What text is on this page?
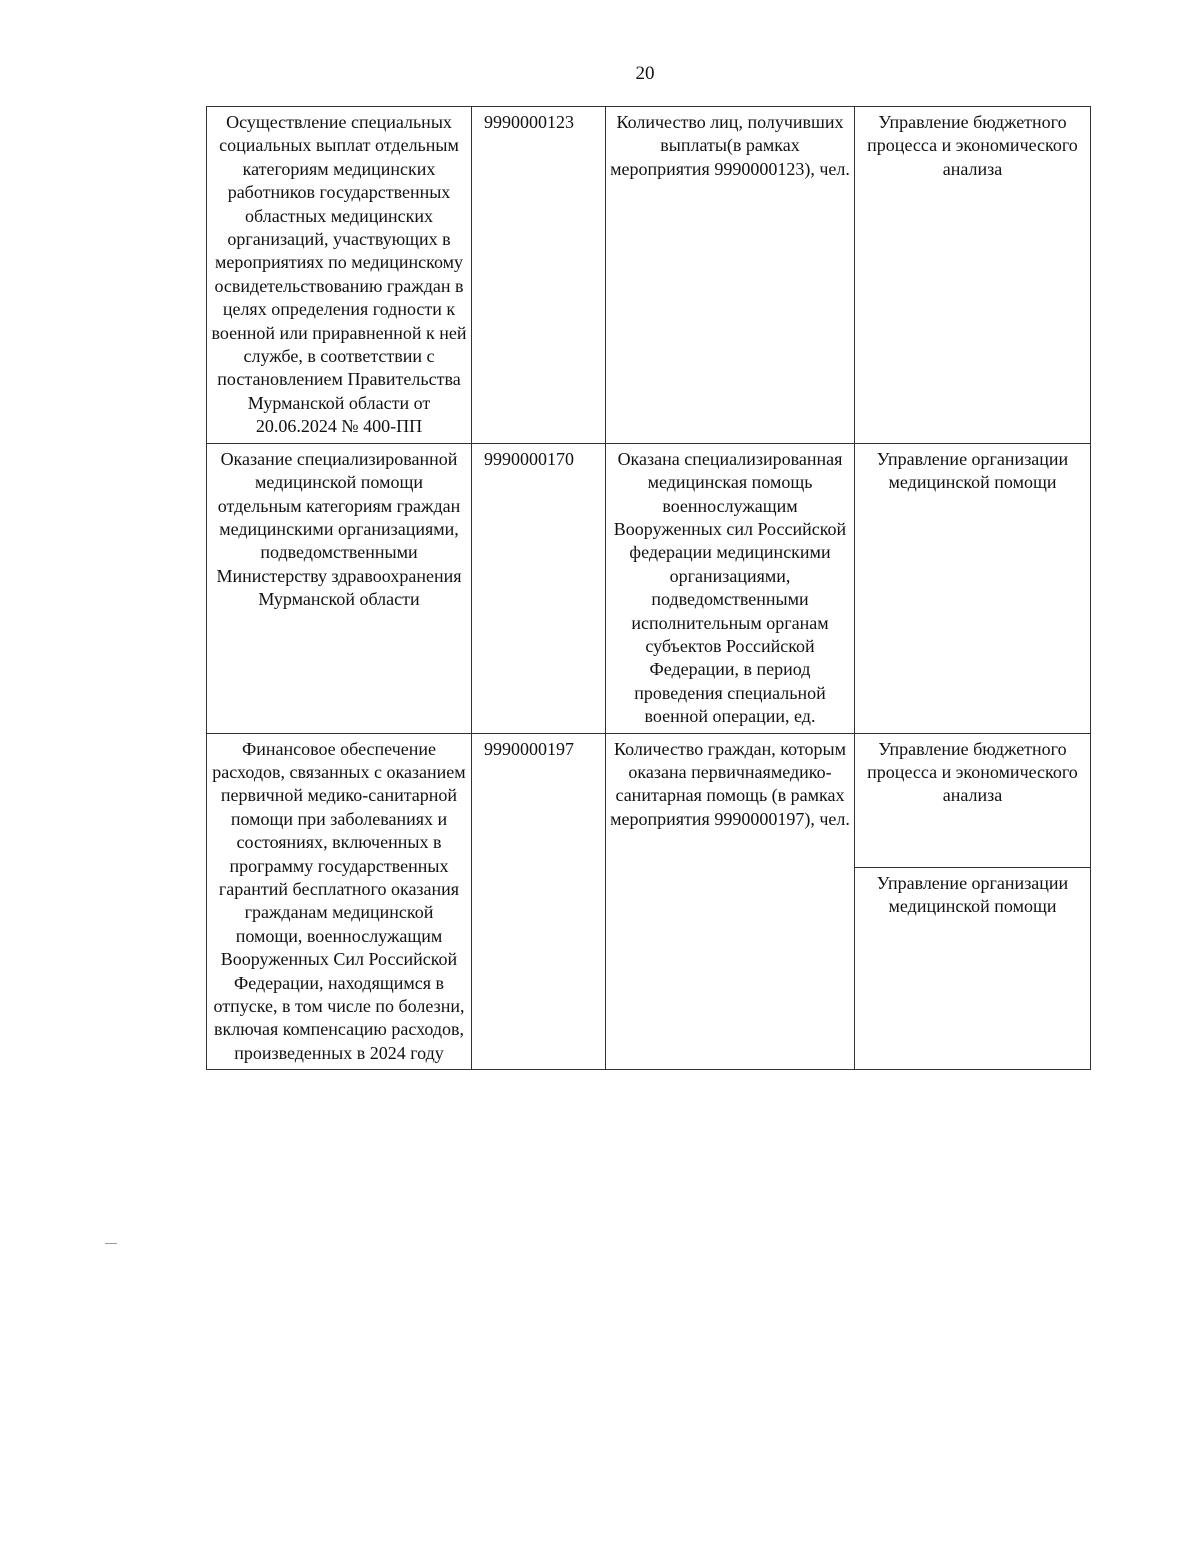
20
Осуществление специальных социальных выплат отдельным категориям медицинских работников государственных областных медицинских организаций, участвующих в мероприятиях по медицинскому освидетельствованию граждан в целях определения годности к военной или приравненной к ней службе, в соответствии с постановлением Правительства Мурманской области от 20.06.2024 № 400-ПП	9990000123	Количество лиц, получивших выплаты(в рамках мероприятия 9990000123), чел.	Управление бюджетного процесса и экономического анализа
Оказание специализированной медицинской помощи отдельным категориям граждан медицинскими организациями, подведомственными Министерству здравоохранения Мурманской области	9990000170	Оказана специализированная медицинская помощь военнослужащим Вооруженных сил Российской федерации медицинскими организациями, подведомственными исполнительным органам субъектов Российской Федерации, в период проведения специальной военной операции, ед.	Управление организации медицинской помощи
Финансовое обеспечение расходов, связанных с оказанием первичной медико-санитарной помощи при заболеваниях и состояниях, включенных в программу государственных гарантий бесплатного оказания гражданам медицинской помощи, военнослужащим Вооруженных Сил Российской Федерации, находящимся в отпуске, в том числе по болезни, включая компенсацию расходов, произведенных в 2024 году	9990000197	Количество граждан, которым оказана первичнаямедико-санитарная помощь (в рамках мероприятия 9990000197), чел.	Управление бюджетного процесса и экономического анализа
Управление организации медицинской помощи
